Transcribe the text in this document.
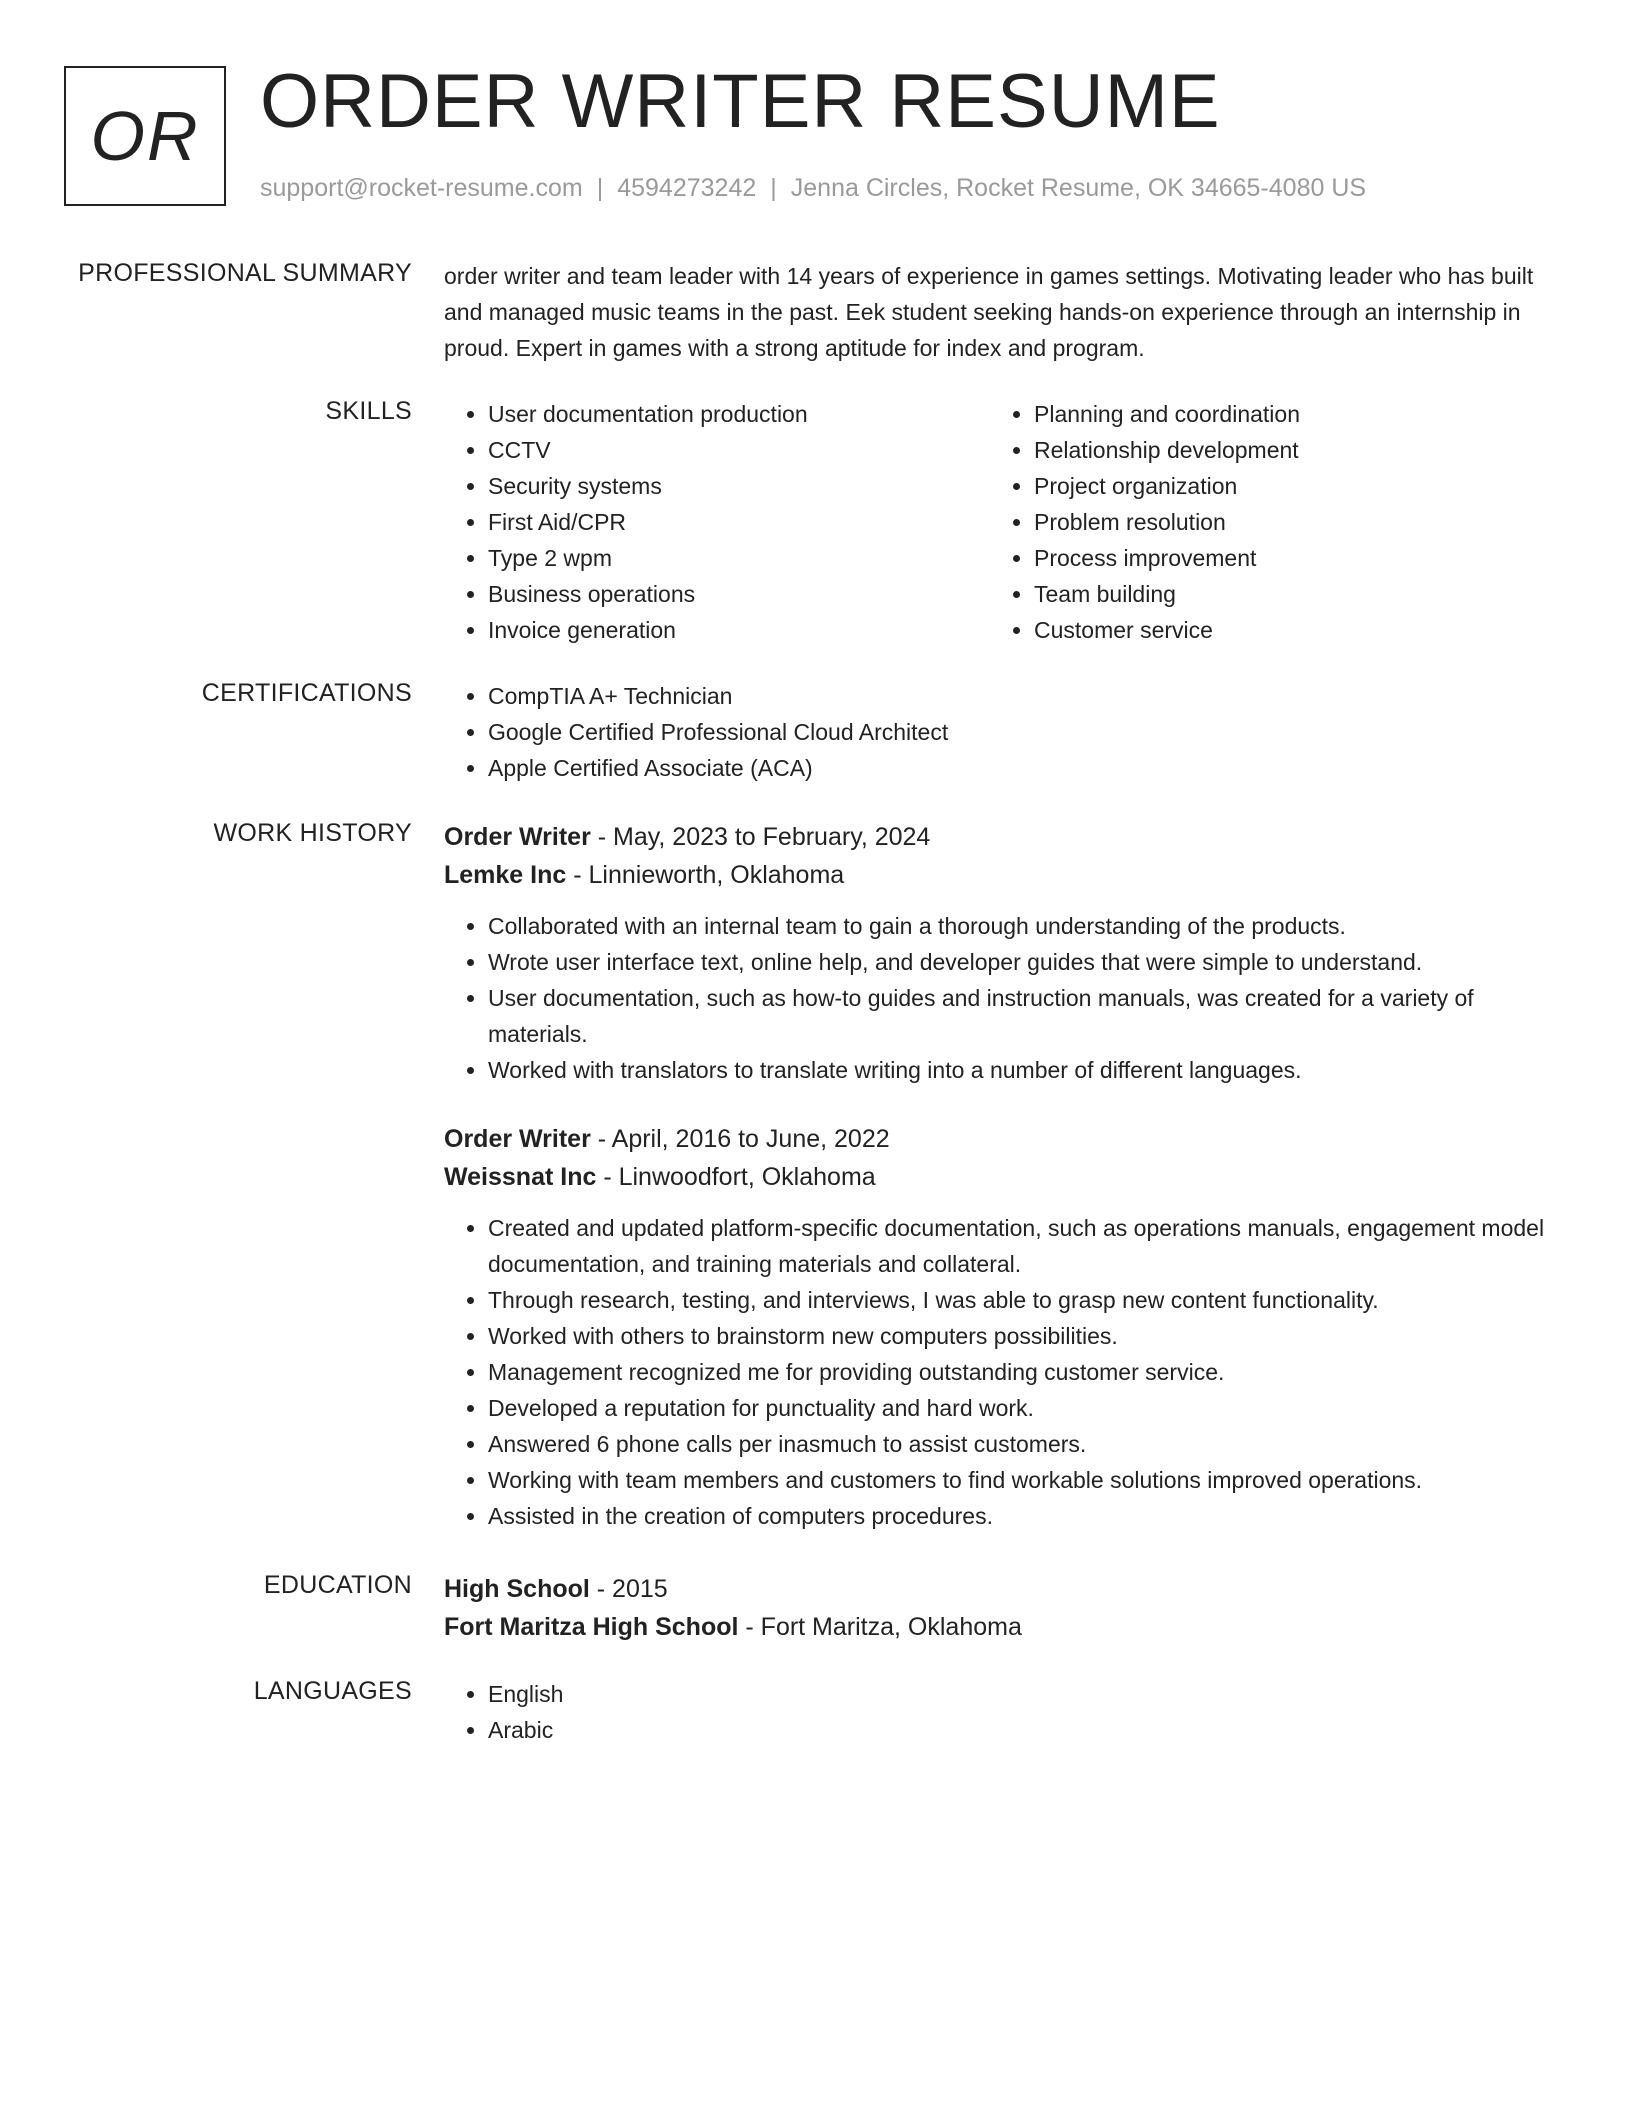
OR ORDER WRITER RESUME
support@rocket-resume.com | 4594273242 | Jenna Circles, Rocket Resume, OK 34665-4080 US
PROFESSIONAL SUMMARY order writer and team leader with 14 years of experience in games settings. Motivating leader who has built and managed music teams in the past. Eek student seeking hands-on experience through an internship in proud. Expert in games with a strong aptitude for index and program.

SKILLS	• User documentation production
• CCTV
• Security systems
• First Aid/CPR
• Type 2 wpm
• Business operations
• Invoice generation
• Planning and coordination
• Relationship development
• Project organization
• Problem resolution
• Process improvement
• Team building
• Customer service
CERTIFICATIONS	• CompTIA A+ Technician
• Google Certified Professional Cloud Architect
• Apple Certified Associate (ACA)
WORK HISTORY Order Writer - May, 2023 to February, 2024
Lemke Inc - Linnieworth, Oklahoma
• Collaborated with an internal team to gain a thorough understanding of the products.
• Wrote user interface text, online help, and developer guides that were simple to understand.
• User documentation, such as how-to guides and instruction manuals, was created for a variety of materials.
• Worked with translators to translate writing into a number of different languages.
Order Writer - April, 2016 to June, 2022
Weissnat Inc - Linwoodfort, Oklahoma
• Created and updated platform-specific documentation, such as operations manuals, engagement model documentation, and training materials and collateral.
• Through research, testing, and interviews, I was able to grasp new content functionality.
• Worked with others to brainstorm new computers possibilities.
• Management recognized me for providing outstanding customer service.
• Developed a reputation for punctuality and hard work.
• Answered 6 phone calls per inasmuch to assist customers.
• Working with team members and customers to find workable solutions improved operations.
• Assisted in the creation of computers procedures.
EDUCATION High School - 2015
Fort Maritza High School - Fort Maritza, Oklahoma
LANGUAGES	• English
• Arabic
